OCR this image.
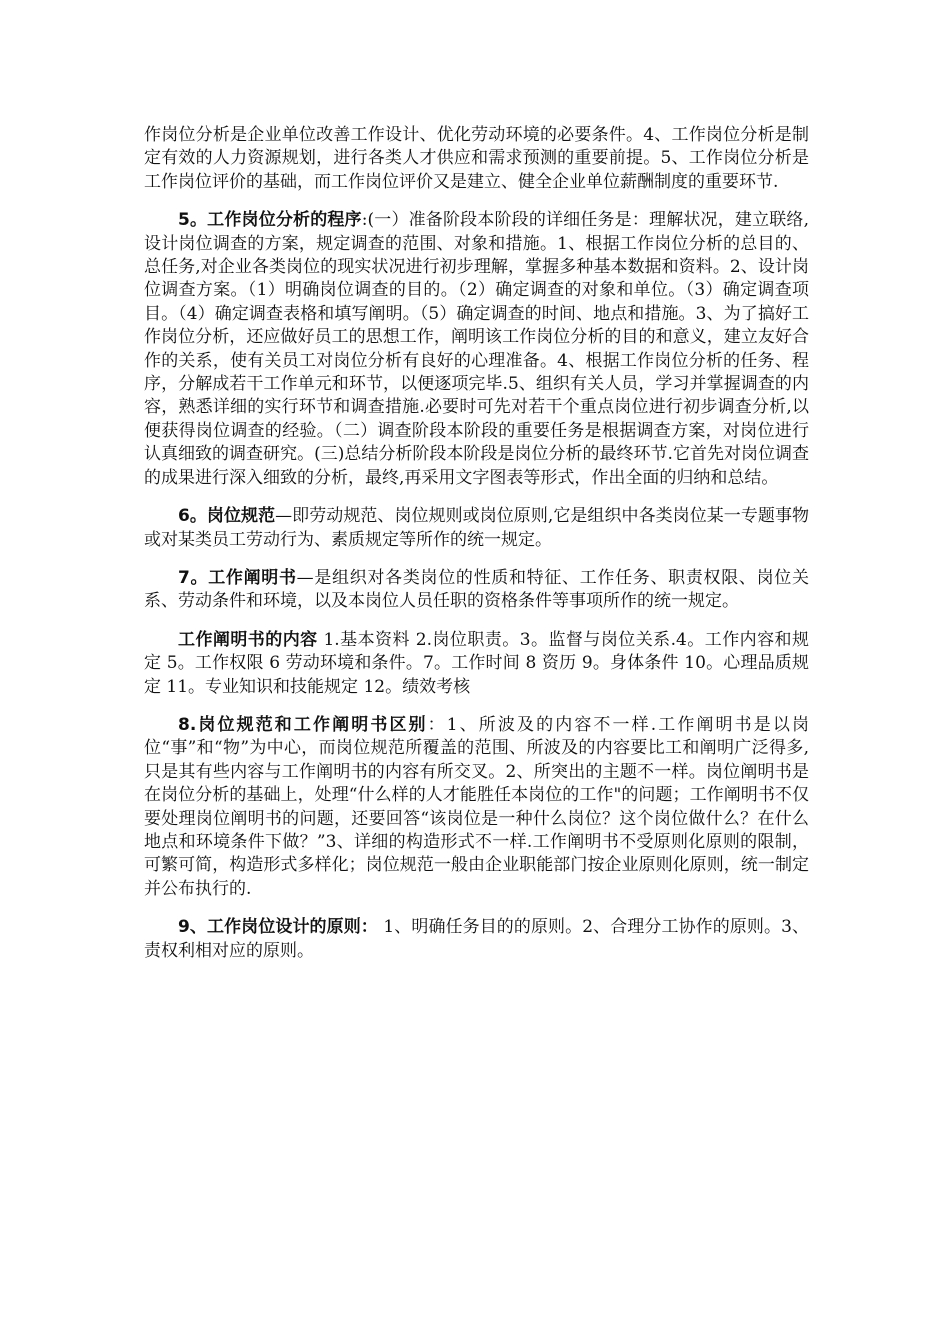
作岗位分析是企业单位改善工作设计、优化劳动环境的必要条件。4、工作岗位分析是制定有效的人力资源规划，进行各类人才供应和需求预测的重要前提。5、工作岗位分析是工作岗位评价的基础，而工作岗位评价又是建立、健全企业单位薪酬制度的重要环节.

5。工作岗位分析的程序:(一）准备阶段本阶段的详细任务是：理解状况，建立联络,设计岗位调查的方案，规定调查的范围、对象和措施。1、根据工作岗位分析的总目的、总任务,对企业各类岗位的现实状况进行初步理解，掌握多种基本数据和资料。2、设计岗位调查方案。（1）明确岗位调查的目的。（2）确定调查的对象和单位。（3）确定调查项目。（4）确定调查表格和填写阐明。（5）确定调查的时间、地点和措施。3、为了搞好工作岗位分析，还应做好员工的思想工作，阐明该工作岗位分析的目的和意义，建立友好合作的关系，使有关员工对岗位分析有良好的心理准备。4、根据工作岗位分析的任务、程序，分解成若干工作单元和环节，以便逐项完毕.5、组织有关人员，学习并掌握调查的内容，熟悉详细的实行环节和调查措施.必要时可先对若干个重点岗位进行初步调查分析,以便获得岗位调查的经验。（二）调查阶段本阶段的重要任务是根据调查方案，对岗位进行认真细致的调查研究。(三)总结分析阶段本阶段是岗位分析的最终环节.它首先对岗位调查的成果进行深入细致的分析，最终,再采用文字图表等形式，作出全面的归纳和总结。

6。岗位规范—即劳动规范、岗位规则或岗位原则,它是组织中各类岗位某一专题事物或对某类员工劳动行为、素质规定等所作的统一规定。

7。工作阐明书—是组织对各类岗位的性质和特征、工作任务、职责权限、岗位关系、劳动条件和环境，以及本岗位人员任职的资格条件等事项所作的统一规定。

工作阐明书的内容 1.基本资料 2.岗位职责。3。监督与岗位关系.4。工作内容和规定 5。工作权限 6 劳动环境和条件。7。工作时间 8 资历 9。身体条件 10。心理品质规定 11。专业知识和技能规定 12。绩效考核

8.岗位规范和工作阐明书区别：1、所波及的内容不一样.工作阐明书是以岗位“事”和“物”为中心，而岗位规范所覆盖的范围、所波及的内容要比工和阐明广泛得多,只是其有些内容与工作阐明书的内容有所交叉。2、所突出的主题不一样。岗位阐明书是在岗位分析的基础上，处理“什么样的人才能胜任本岗位的工作"的问题；工作阐明书不仅要处理岗位阐明书的问题，还要回答“该岗位是一种什么岗位？这个岗位做什么？在什么地点和环境条件下做？”3、详细的构造形式不一样.工作阐明书不受原则化原则的限制，可繁可简，构造形式多样化；岗位规范一般由企业职能部门按企业原则化原则，统一制定并公布执行的.

9、工作岗位设计的原则： 1、明确任务目的的原则。2、合理分工协作的原则。3、责权利相对应的原则。
